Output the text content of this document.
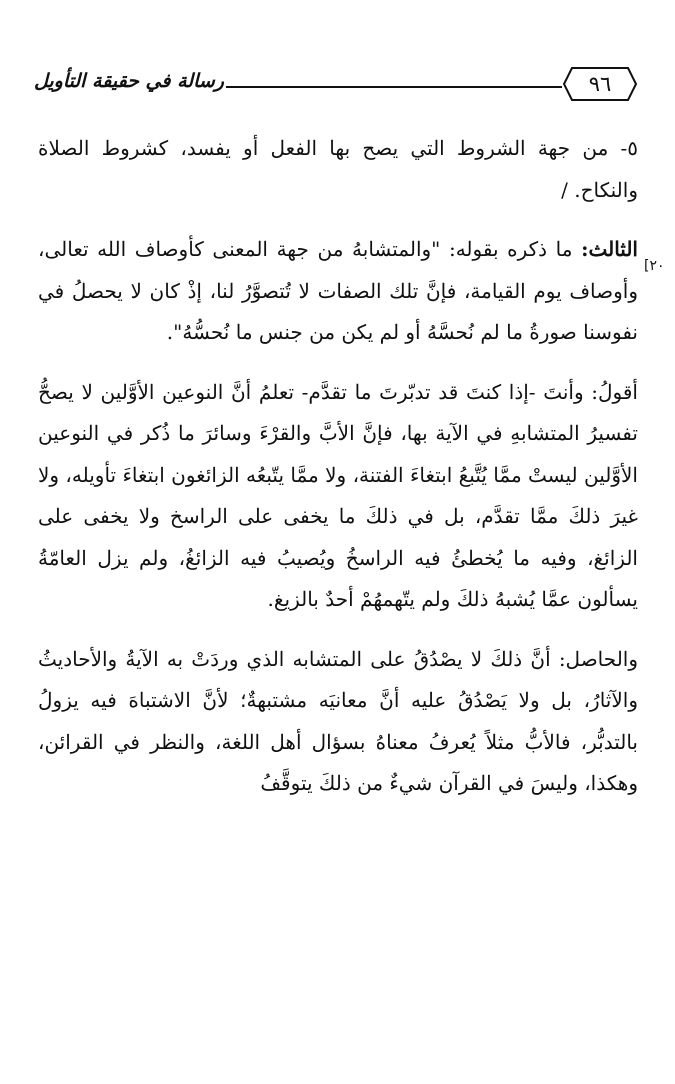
رسالة في حقيقة التأويل	٩٦
[٢٠

٥- من جهة الشروط التي يصح بها الفعل أو يفسد، كشروط الصلاة والنكاح. /

الثالث: ما ذكره بقوله: "والمتشابهُ من جهة المعنى كأوصاف الله تعالى، وأوصاف يوم القيامة، فإنَّ تلك الصفات لا تُتصوَّرُ لنا، إذْ كان لا يحصلُ في نفوسنا صورةُ ما لم نُحسَّهُ أو لم يكن من جنس ما نُحسُّهُ".

أقولُ: وأنتَ -إذا كنتَ قد تدبّرتَ ما تقدَّم- تعلمُ أنَّ النوعين الأوَّلين لا يصحُّ تفسيرُ المتشابهِ في الآية بها، فإنَّ الأبَّ والقرْءَ وسائرَ ما ذُكر في النوعين الأوَّلين ليستْ ممَّا يُتَّبعُ ابتغاءَ الفتنة، ولا ممَّا يتّبعُه الزائغون ابتغاءَ تأويله، ولا غيرَ ذلكَ ممَّا تقدَّم، بل في ذلكَ ما يخفى على الراسخ ولا يخفى على الزائغ، وفيه ما يُخطئُ فيه الراسخُ ويُصيبُ فيه الزائغُ، ولم يزل العامّةُ يسألون عمَّا يُشبهُ ذلكَ ولم يتّهمهُمْ أحدٌ بالزيغ.

والحاصل: أنَّ ذلكَ لا يصْدُقُ على المتشابه الذي وردَتْ به الآيةُ والأحاديثُ والآثارُ، بل ولا يَصْدُقُ عليه أنَّ معانيَه مشتبهةٌ؛ لأنَّ الاشتباهَ فيه يزولُ بالتدبُّر، فالأبُّ مثلاً يُعرفُ معناهُ بسؤال أهل اللغة، والنظر في القرائن، وهكذا، وليسَ في القرآن شيءٌ من ذلكَ يتوقَّفُ
